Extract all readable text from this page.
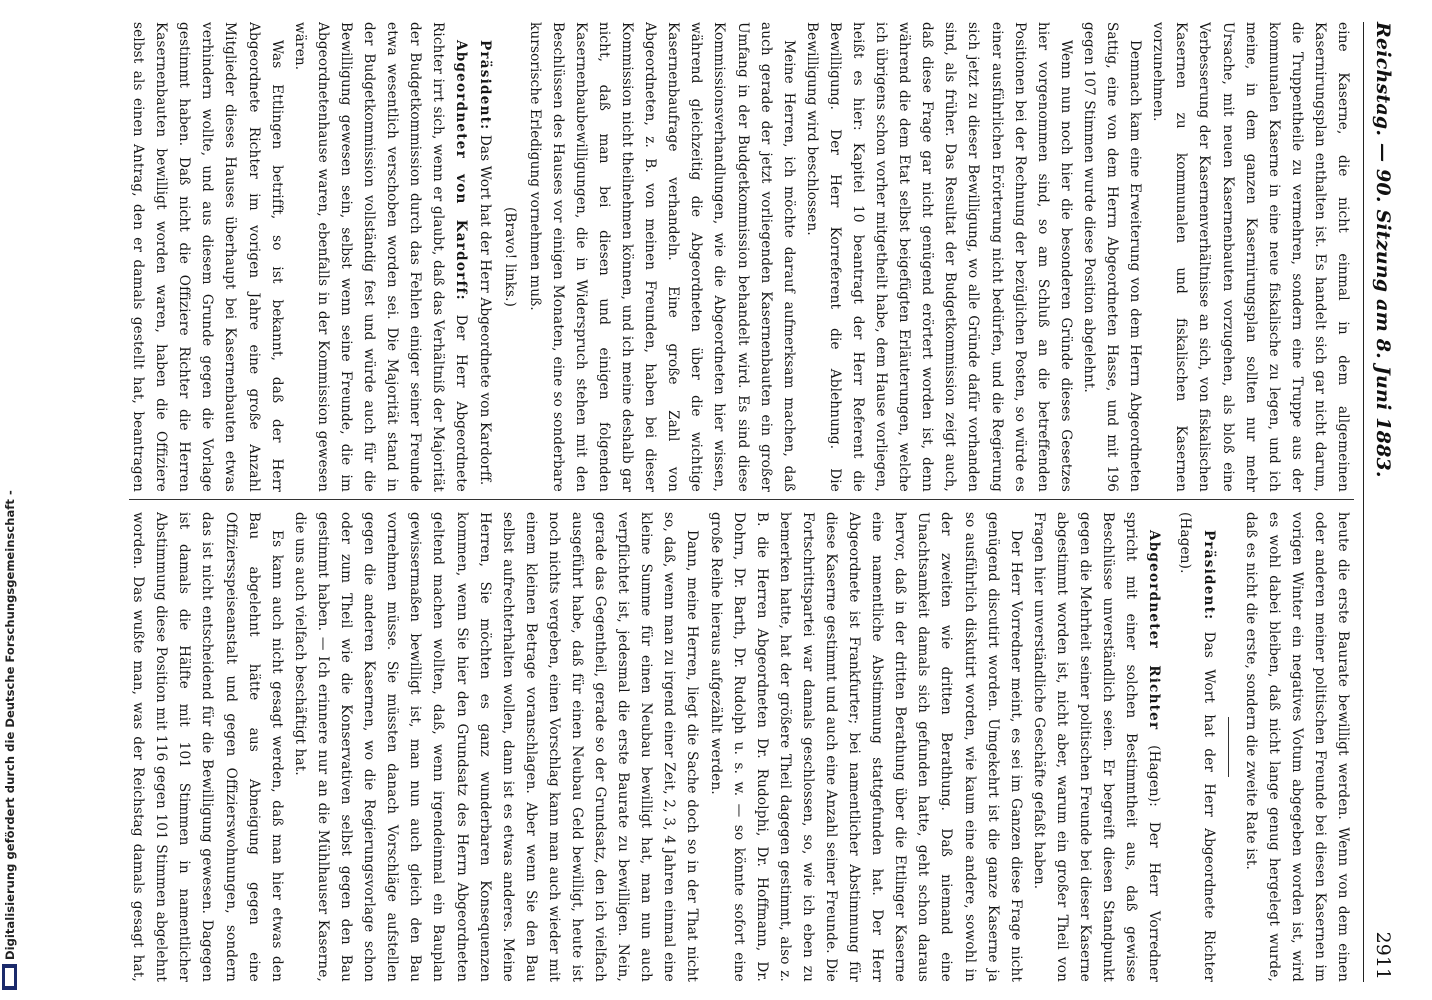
Digitalisierung gefördert durch die Deutsche Forschungsgemeinschaft -
Reichstag. — 90. Sitzung am 8. Juni 1883.
2911

eine Kaserne, die nicht einmal in dem allgemeinen Kasernirungsplan enthalten ist. Es handelt sich gar nicht darum, die Truppentheile zu vermehren, sondern eine Truppe aus der kommunalen Kaserne in eine neue fiskalische zu legen, und ich meine, in dem ganzen Kasernirungsplan sollten nur mehr Ursache, mit neuen Kasernenbauten vorzugehen, als bloß eine Verbesserung der Kasernenverhältnisse an sich, von fiskalischen Kasernen zu kommunalen und fiskalischen Kasernen vorzunehmen.

Demnach kam eine Erweiterung von dem Herrn Abgeordneten Sattig, eine von dem Herrn Abgeordneten Hasse, und mit 196 gegen 107 Stimmen wurde diese Position abgelehnt.

Wenn nun noch hier die besonderen Gründe dieses Gesetzes hier vorgenommen sind, so am Schluß an die betreffenden Positionen bei der Rechnung der bezüglichen Posten, so würde es einer ausführlichen Erörterung nicht bedürfen, und die Regierung sich jetzt zu dieser Bewilligung, wo alle Gründe dafür vorhanden sind, als früher. Das Resultat der Budgetkommission zeigt auch, daß diese Frage gar nicht genügend erörtert worden ist, denn während die dem Etat selbst beigefügten Erläuterungen, welche ich übrigens schon vorher mitgetheilt habe, dem Hause vorliegen, heißt es hier: Kapitel 10 beantragt der Herr Referent die Bewilligung. Der Herr Korreferent die Ablehnung. Die Bewilligung wird beschlossen.

Meine Herren, ich möchte darauf aufmerksam machen, daß auch gerade der jetzt vorliegenden Kasernenbauten ein großer Umfang in der Budgetkommission behandelt wird. Es sind diese Kommissionsverhandlungen, wie die Abgeordneten hier wissen, während gleichzeitig die Abgeordneten über die wichtige Kasernenbaufrage verhandeln. Eine große Zahl von Abgeordneten, z. B. von meinen Freunden, haben bei dieser Kommission nicht theilnehmen können, und ich meine deshalb gar nicht, daß man bei diesen und einigen folgenden Kasernenbaubewilligungen, die in Widerspruch stehen mit den Beschlüssen des Hauses vor einigen Monaten, eine so sonderbare kursorische Erledigung vornehmen muß.

(Bravo! links.)

Präsident: Das Wort hat der Herr Abgeordnete von Kardorff.

Abgeordneter von Kardorff: Der Herr Abgeordnete Richter irrt sich, wenn er glaubt, daß das Verhältniß der Majorität der Budgetkommission durch das Fehlen einiger seiner Freunde etwa wesentlich verschoben worden sei. Die Majorität stand in der Budgetkommission vollständig fest und würde auch für die Bewilligung gewesen sein, selbst wenn seine Freunde, die im Abgeordnetenhause waren, ebenfalls in der Kommission gewesen wären.

Was Ettlingen betrifft, so ist bekannt, daß der Herr Abgeordnete Richter im vorigen Jahre eine große Anzahl Mitglieder dieses Hauses überhaupt bei Kasernenbauten etwas verhindern wollte, und aus diesem Grunde gegen die Vorlage gestimmt haben. Daß nicht die Offiziere Richter die Herren Kasernenbauten bewilligt worden waren, haben die Offiziere selbst als einen Antrag, den er damals gestellt hat, beantragen

heute die erste Baurate bewilligt werden. Wenn von dem einen oder anderen meiner politischen Freunde bei diesen Kasernen im vorigen Winter ein negatives Votum abgegeben worden ist, wird es wohl dabei bleiben, daß nicht lange genug hergelegt wurde, daß es nicht die erste, sondern die zweite Rate ist.

Präsident: Das Wort hat der Herr Abgeordnete Richter (Hagen).

Abgeordneter Richter (Hagen): Der Herr Vorredner spricht mit einer solchen Bestimmtheit aus, daß gewisse Beschlüsse unverständlich seien. Er begreift diesen Standpunkt gegen die Mehrheit seiner politischen Freunde bei dieser Kaserne abgestimmt worden ist, nicht aber, warum ein großer Theil von Fragen hier unverständliche Geschäfte gefaßt haben.

Der Herr Vorredner meint, es sei im Ganzen diese Frage nicht genügend discutirt worden. Umgekehrt ist die ganze Kaserne ja so ausführlich diskutirt worden, wie kaum eine andere, sowohl in der zweiten wie dritten Berathung. Daß niemand eine Unachtsamkeit damals sich gefunden hatte, geht schon daraus hervor, daß in der dritten Berathung über die Ettlinger Kaserne eine namentliche Abstimmung stattgefunden hat. Der Herr Abgeordnete ist Frankfurter; bei namentlicher Abstimmung für diese Kaserne gestimmt und auch eine Anzahl seiner Freunde. Die Fortschrittspartei war damals geschlossen, so, wie ich eben zu bemerken hatte, hat der größere Theil dagegen gestimmt, also z. B. die Herren Abgeordneten Dr. Rudolphi, Dr. Hoffmann, Dr. Dohrn, Dr. Barth, Dr. Rudolph u. s. w. — so könnte sofort eine große Reihe hieraus aufgezählt werden.

Dann, meine Herren, liegt die Sache doch so in der That nicht so, daß, wenn man zu irgend einer Zeit, 2, 3, 4 Jahren einmal eine kleine Summe für einen Neubau bewilligt hat, man nun auch verpflichtet ist, jedesmal die erste Baurate zu bewilligen. Nein, gerade das Gegentheil, gerade so der Grundsatz, den ich vielfach ausgeführt habe, daß für einen Neubau Geld bewilligt, heute ist noch nichts vergeben, einen Vorschlag kann man auch wieder mit einem kleinen Betrage voranschlagen. Aber wenn Sie den Bau selbst aufrechterhalten wollen, dann ist es etwas anderes. Meine Herren, Sie möchten es ganz wunderbaren Konsequenzen kommen, wenn Sie hier den Grundsatz des Herrn Abgeordneten geltend machen wollten, daß, wenn irgendeinmal ein Bauplan gewissermaßen bewilligt ist, man nun auch gleich den Bau vornehmen müsse. Sie müssten danach Vorschläge aufstellen gegen die anderen Kasernen, wo die Regierungsvorlage schon oder zum Theil wie die Konservativen selbst gegen den Bau gestimmt haben. — Ich erinnere nur an die Mühlhauser Kaserne, die uns auch vielfach beschäftigt hat.

Es kann auch nicht gesagt werden, daß man hier etwas den Bau abgelehnt hätte aus Abneigung gegen eine Offiziersspeiseanstalt und gegen Offizierswohnungen, sondern das ist nicht entscheidend für die Bewilligung gewesen. Dagegen ist damals die Hälfte mit 101 Stimmen in namentlicher Abstimmung diese Position mit 116 gegen 101 Stimmen abgelehnt worden. Das wußte man, was der Reichstag damals gesagt hat,
